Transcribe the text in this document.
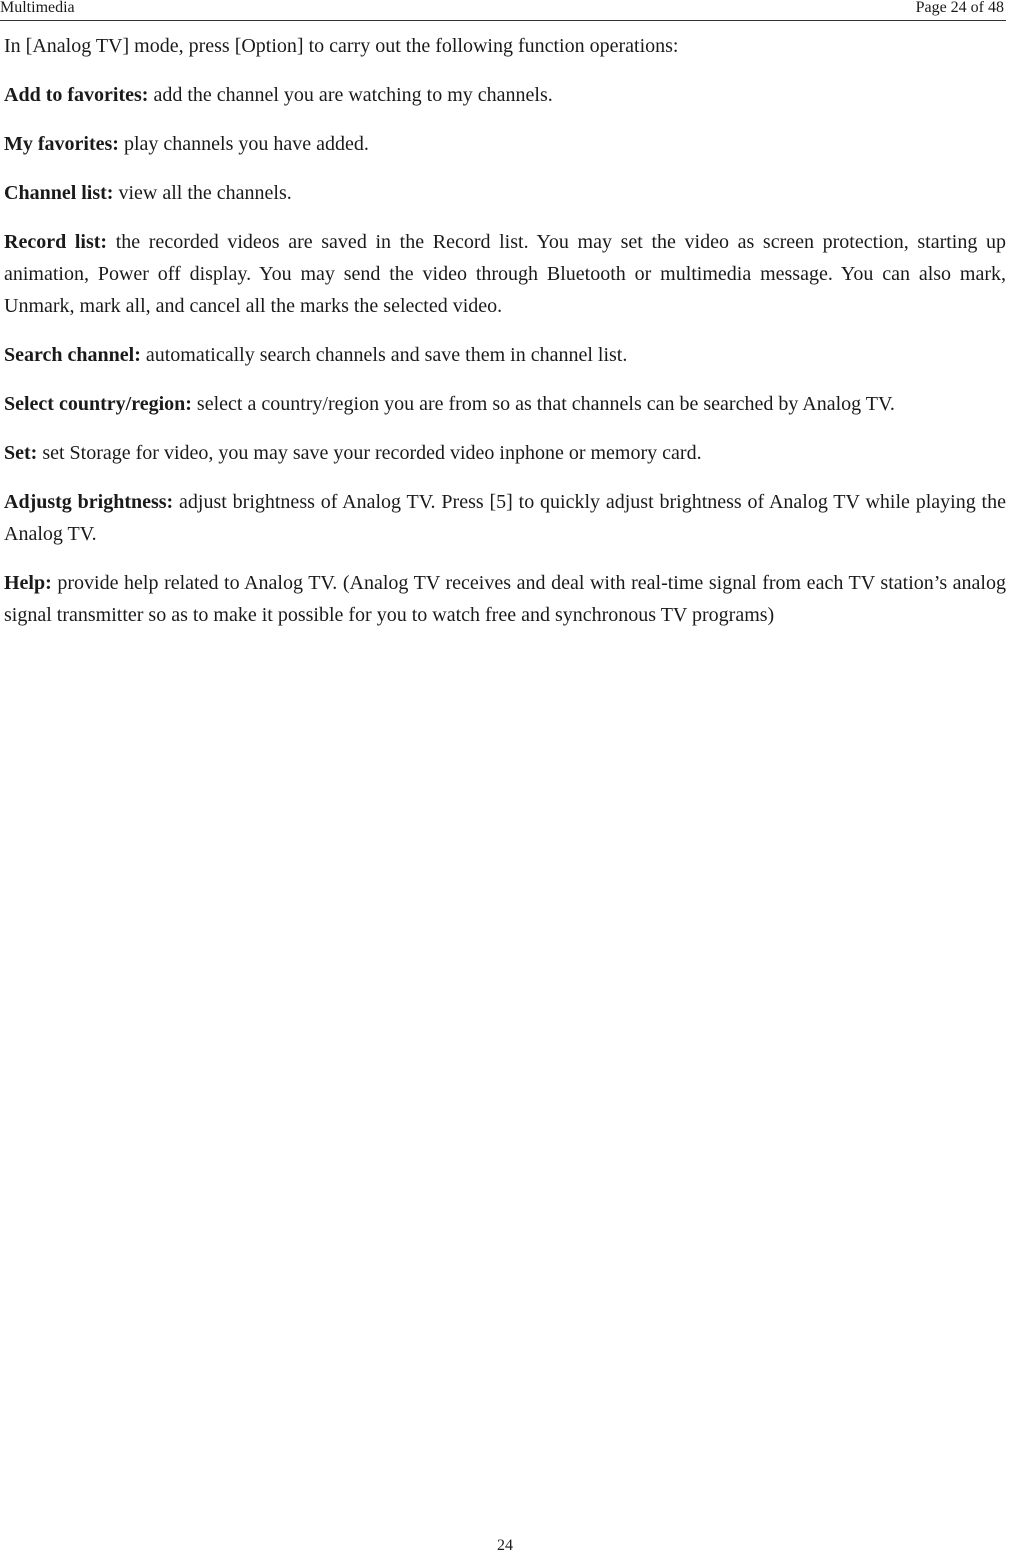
Multimedia	Page 24 of 48

In [Analog TV] mode, press [Option] to carry out the following function operations:

Add to favorites: add the channel you are watching to my channels.

My favorites: play channels you have added.

Channel list: view all the channels.

Record list: the recorded videos are saved in the Record list. You may set the video as screen protection, starting up animation, Power off display. You may send the video through Bluetooth or multimedia message. You can also mark, Unmark, mark all, and cancel all the marks the selected video.

Search channel: automatically search channels and save them in channel list.

Select country/region: select a country/region you are from so as that channels can be searched by Analog TV.

Set: set Storage for video, you may save your recorded video inphone or memory card.

Adjustg brightness: adjust brightness of Analog TV. Press [5] to quickly adjust brightness of Analog TV while playing the Analog TV.

Help: provide help related to Analog TV. (Analog TV receives and deal with real-time signal from each TV station’s analog signal transmitter so as to make it possible for you to watch free and synchronous TV programs)

24
